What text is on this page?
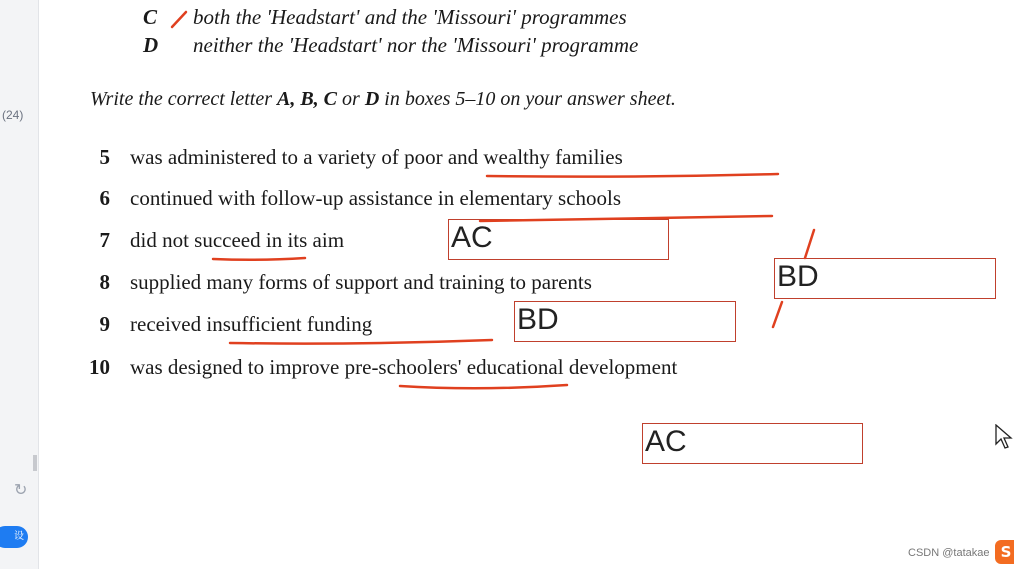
(24)
↻
设
C both the 'Headstart' and the 'Missouri' programmes
D neither the 'Headstart' nor the 'Missouri' programme
Write the correct letter A, B, C or D in boxes 5–10 on your answer sheet.
5 was administered to a variety of poor and wealthy families
6 continued with follow-up assistance in elementary schools
7 did not succeed in its aim
8 supplied many forms of support and training to parents
9 received insufficient funding
10 was designed to improve pre-schoolers' educational development
AC
BD
BD
AC
CSDN @tatakae S
